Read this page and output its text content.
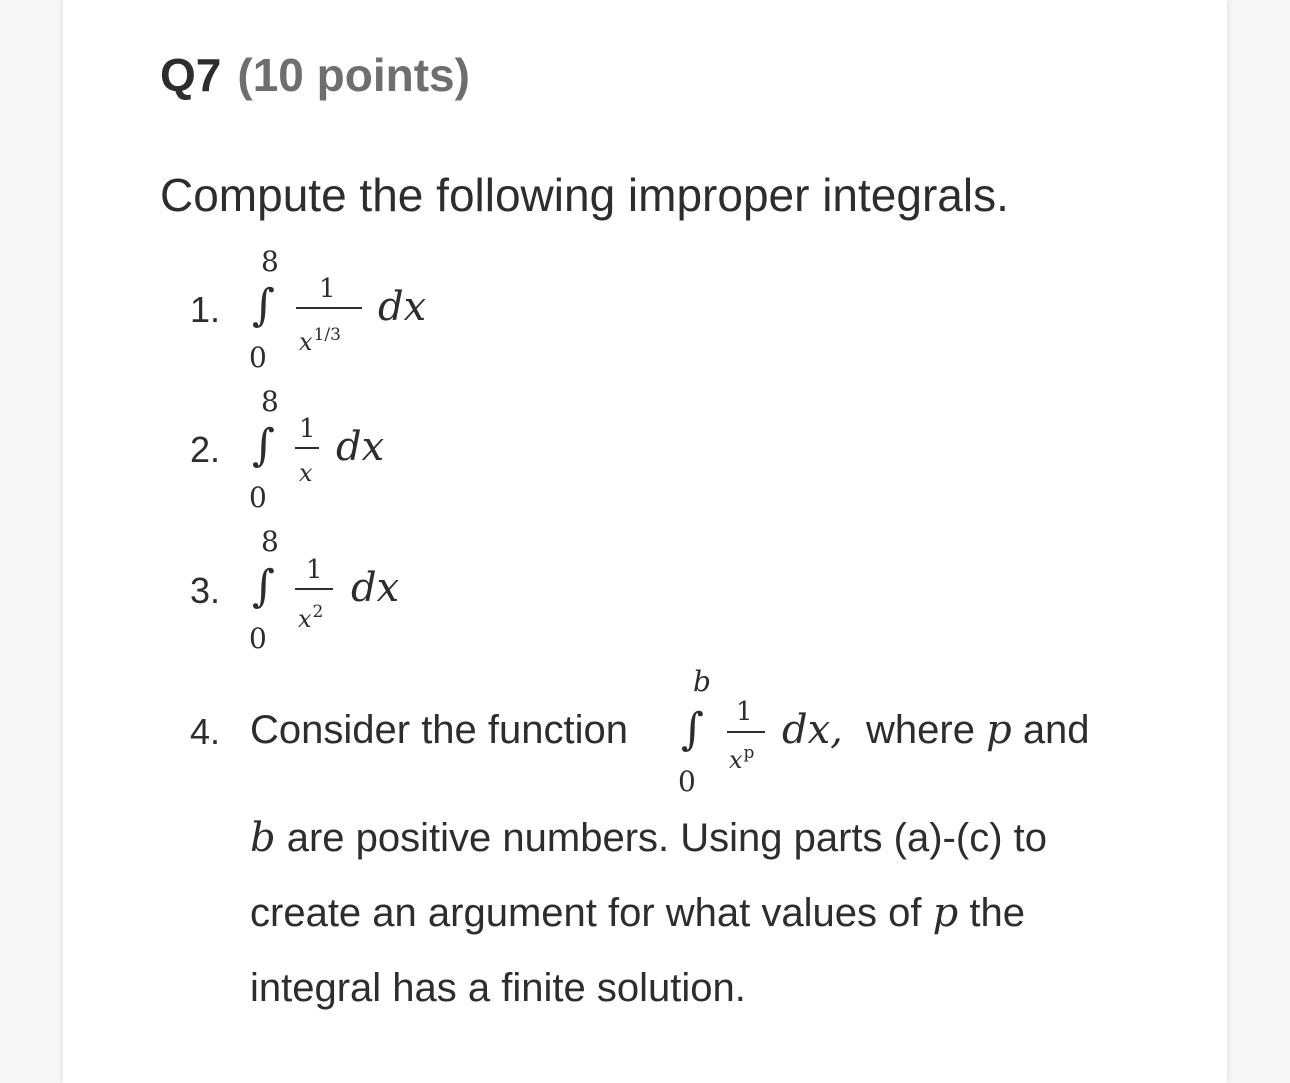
Q7 (10 points)
Compute the following improper integrals.
1.
8
∫
0
1
$x^{1/3}$
dx
2.
8
∫
0
1
x
dx
3.
8
∫
0
1
$x^2$
dx
4. Consider the function
b
∫
0
1
$x^p$ dx, where p and
b are positive numbers. Using parts (a)-(c) to
create an argument for what values of p the
integral has a finite solution.
